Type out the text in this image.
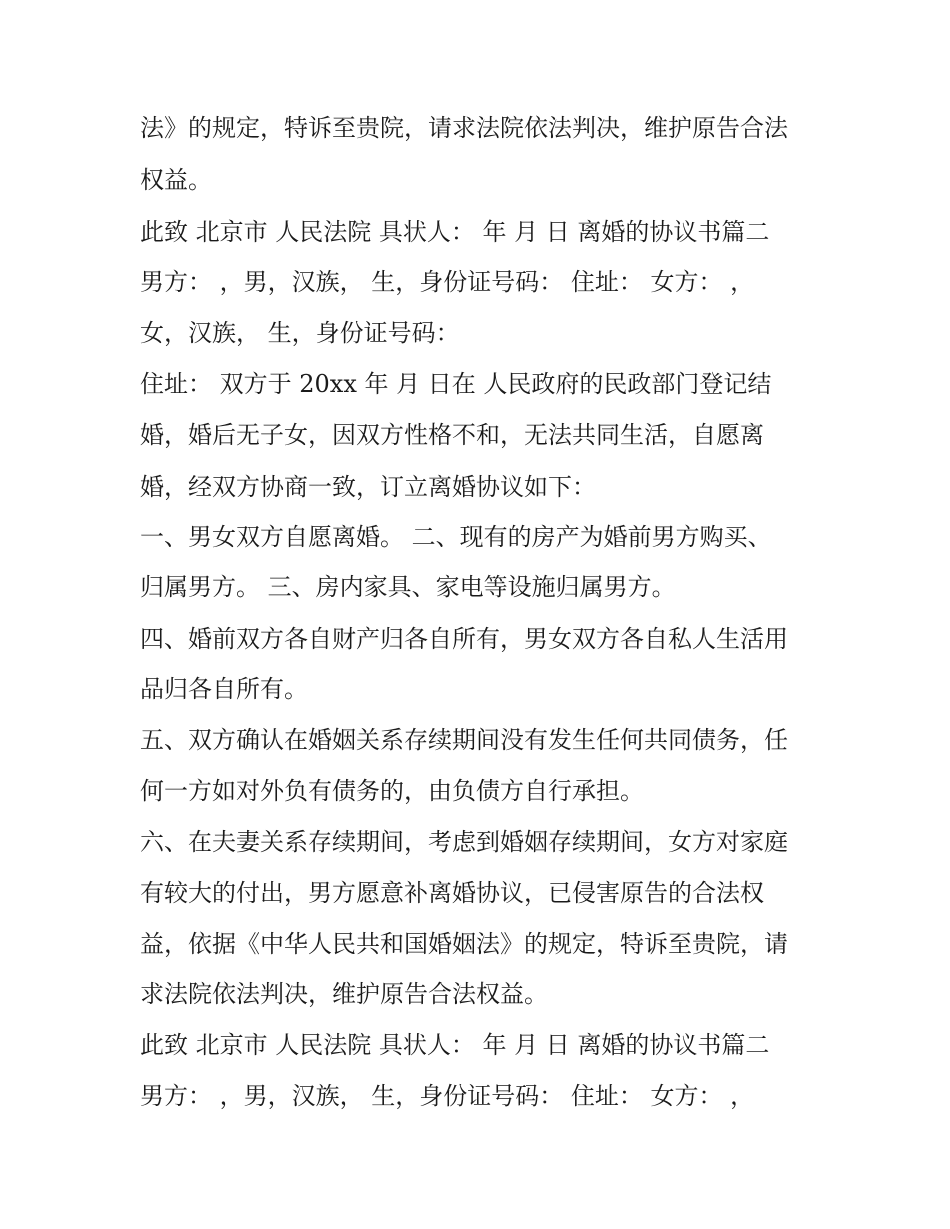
法》的规定，特诉至贵院，请求法院依法判决，维护原告合法

权益。

此致 北京市 人民法院 具状人： 年 月 日 离婚的协议书篇二

男方： ，男，汉族， 生，身份证号码： 住址： 女方： ，

女，汉族， 生，身份证号码：

住址： 双方于 20xx 年 月 日在 人民政府的民政部门登记结

婚，婚后无子女，因双方性格不和，无法共同生活，自愿离

婚，经双方协商一致，订立离婚协议如下：

一、男女双方自愿离婚。 二、现有的房产为婚前男方购买、

归属男方。 三、房内家具、家电等设施归属男方。

四、婚前双方各自财产归各自所有，男女双方各自私人生活用

品归各自所有。

五、双方确认在婚姻关系存续期间没有发生任何共同债务，任

何一方如对外负有债务的，由负债方自行承担。

六、在夫妻关系存续期间，考虑到婚姻存续期间，女方对家庭

有较大的付出，男方愿意补离婚协议，已侵害原告的合法权

益，依据《中华人民共和国婚姻法》的规定，特诉至贵院，请

求法院依法判决，维护原告合法权益。

此致 北京市 人民法院 具状人： 年 月 日 离婚的协议书篇二

男方： ，男，汉族， 生，身份证号码： 住址： 女方： ，
